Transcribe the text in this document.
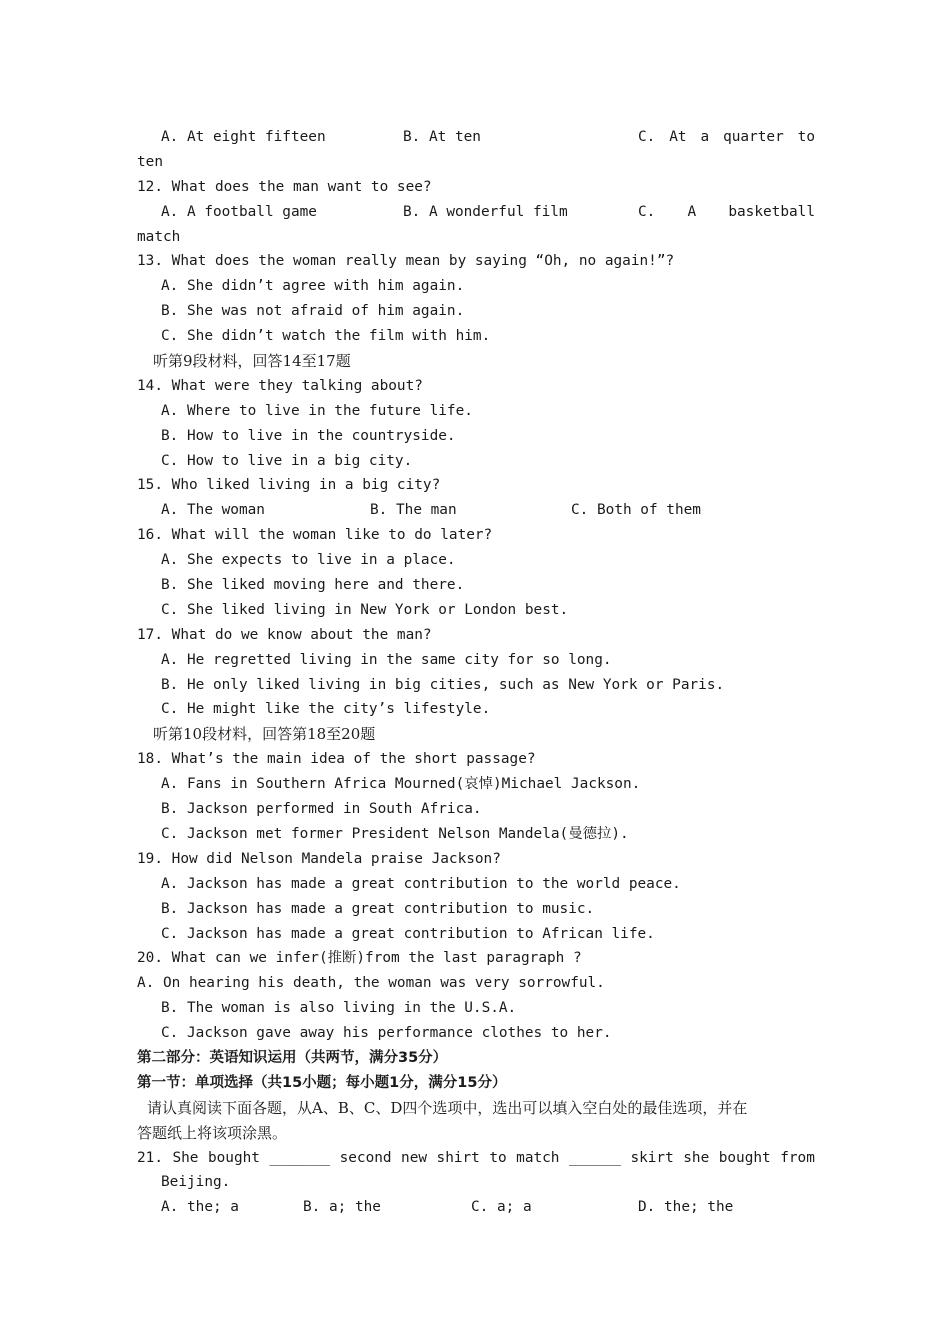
A. At eight fifteen	B. At ten	C. At a quarter to
ten
12. What does the man want to see?
A. A football game	B. A wonderful film	C. A basketball
match
13. What does the woman really mean by saying “Oh, no again!”?
A. She didn’t agree with him again.
B. She was not afraid of him again.
C. She didn’t watch the film with him.
听第9段材料，回答14至17题
14. What were they talking about?
A. Where to live in the future life.
B. How to live in the countryside.
C. How to live in a big city.
15. Who liked living in a big city?
A. The woman	B. The man	C. Both of them
16. What will the woman like to do later?
A. She expects to live in a place.
B. She liked moving here and there.
C. She liked living in New York or London best.
17. What do we know about the man?
A. He regretted living in the same city for so long.
B. He only liked living in big cities, such as New York or Paris.
C. He might like the city’s lifestyle.
听第10段材料，回答第18至20题
18. What’s the main idea of the short passage?
A. Fans in Southern Africa Mourned(哀悼)Michael Jackson.
B. Jackson performed in South Africa.
C. Jackson met former President Nelson Mandela(曼德拉).
19. How did Nelson Mandela praise Jackson?
A. Jackson has made a great contribution to the world peace.
B. Jackson has made a great contribution to music.
C. Jackson has made a great contribution to African life.
20. What can we infer(推断)from the last paragraph ?
A. On hearing his death, the woman was very sorrowful.
B. The woman is also living in the U.S.A.
C. Jackson gave away his performance clothes to her.
第二部分：英语知识运用（共两节，满分35分）
第一节：单项选择（共15小题；每小题1分，满分15分）
请认真阅读下面各题，从A、B、C、D四个选项中，选出可以填入空白处的最佳选项，并在
答题纸上将该项涂黑。
21. She bought _______ second new shirt to match ______ skirt she bought from
Beijing.
A. the; a	B. a; the	C. a; a	D. the; the
